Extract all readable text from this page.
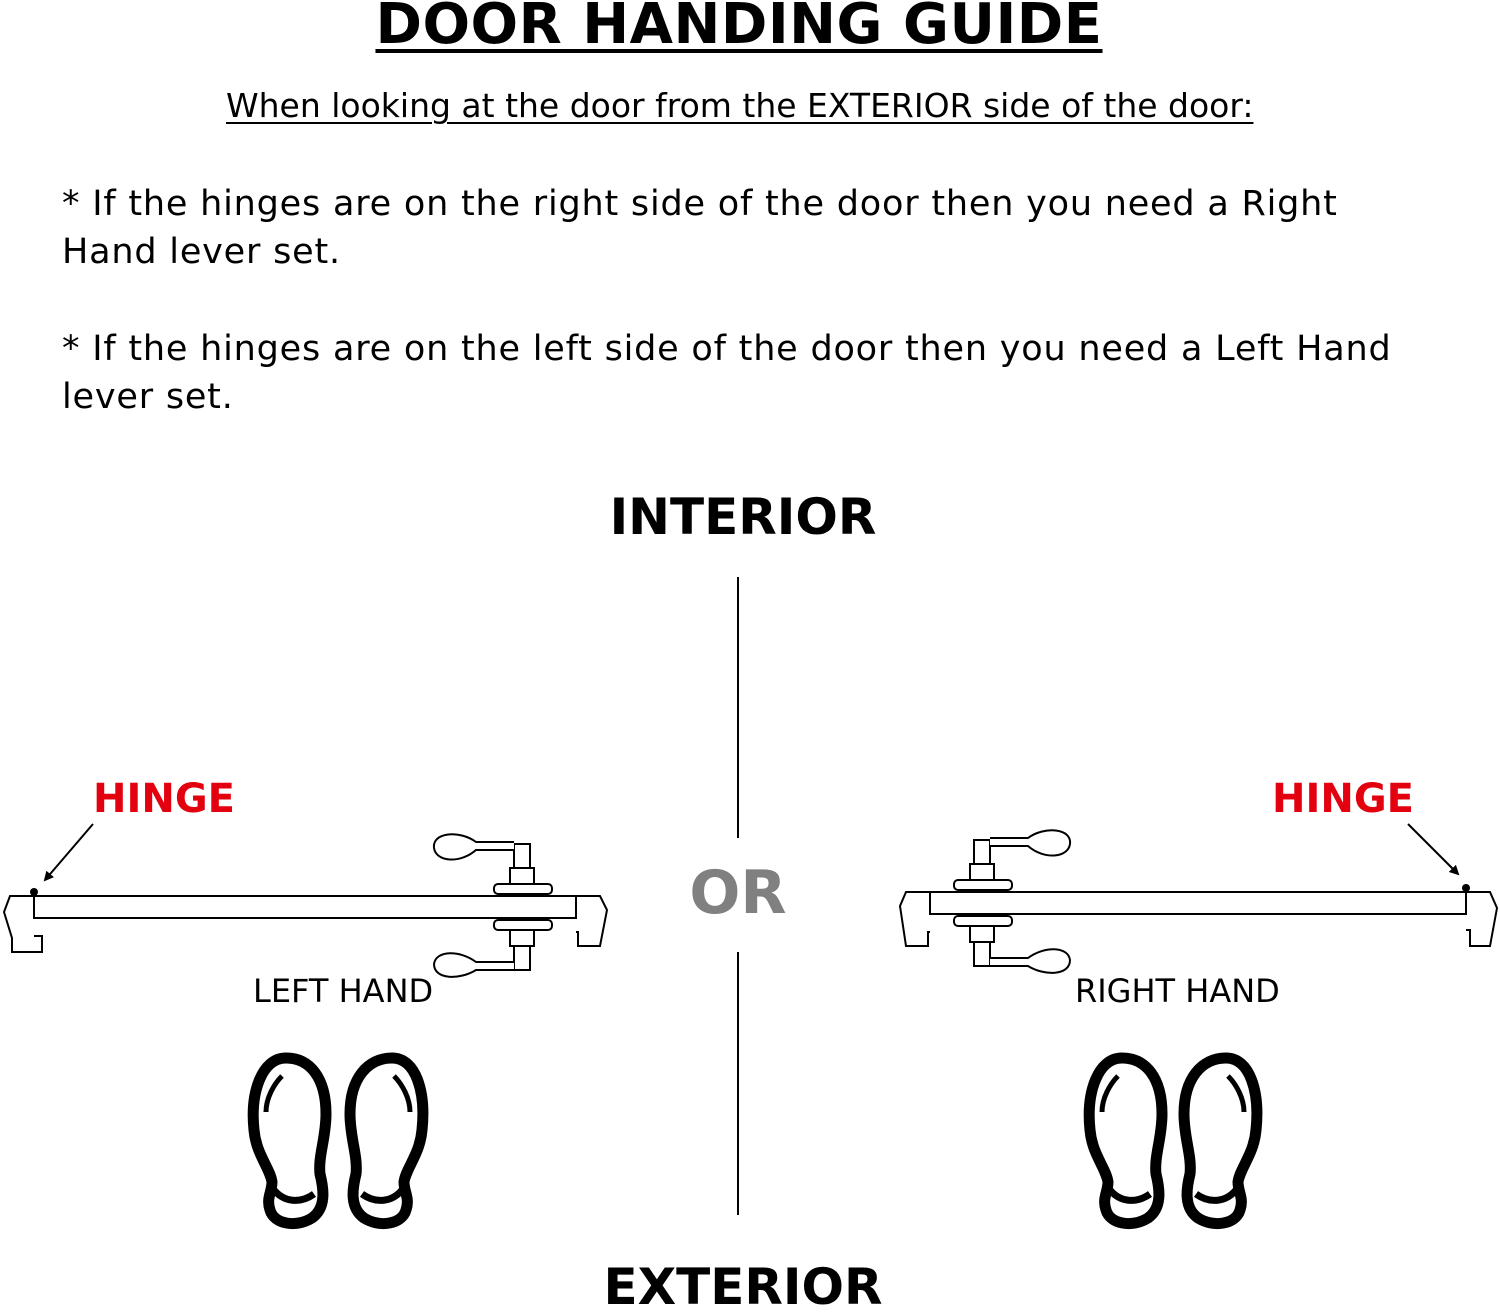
DOOR HANDING GUIDE
When looking at the door from the EXTERIOR side of the door:

* If the hinges are on the right side of the door then you need a Right Hand lever set.

* If the hinges are on the left side of the door then you need a Left Hand lever set.

INTERIOR
EXTERIOR
OR
HINGE	HINGE
LEFT HAND	RIGHT HAND
